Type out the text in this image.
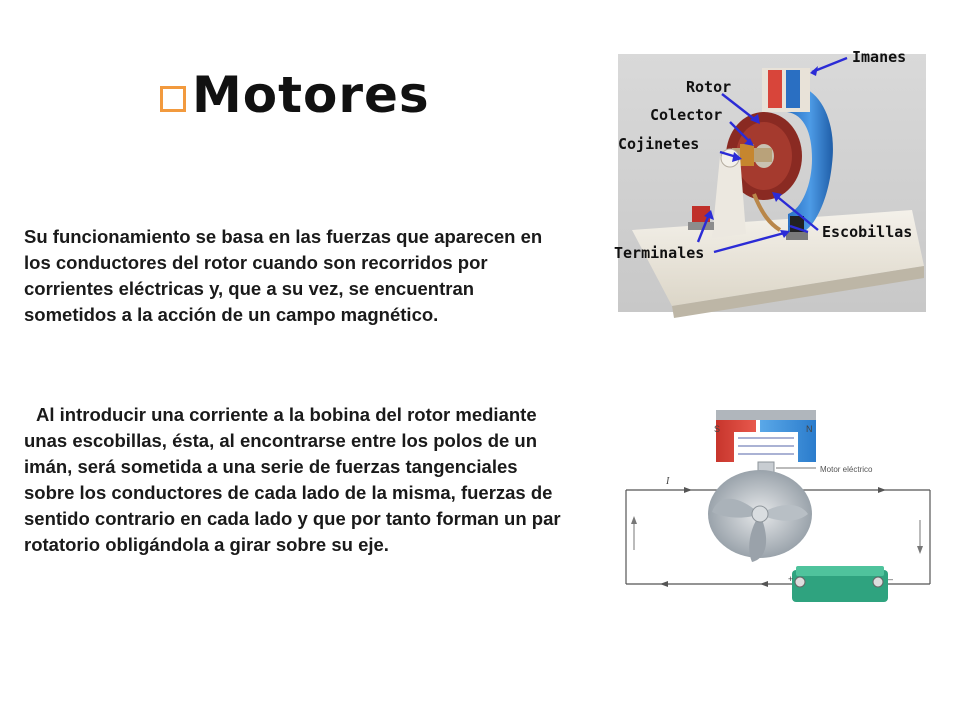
Motores
Su funcionamiento se basa en las fuerzas que aparecen en los conductores del rotor cuando son recorridos por corrientes eléctricas y, que a su vez, se encuentran sometidos a la acción de un campo magnético.
Al introducir una corriente a la bobina del rotor mediante unas escobillas, ésta, al encontrarse entre los polos de un imán, será sometida a una serie de fuerzas tangenciales sobre los conductores de cada lado de la misma, fuerzas de sentido contrario en cada lado y que por tanto forman un par rotatorio obligándola a girar sobre su eje.
Imanes
Rotor
Colector
Cojinetes
Escobillas
Terminales
S	N
I
Motor eléctrico
+	–
